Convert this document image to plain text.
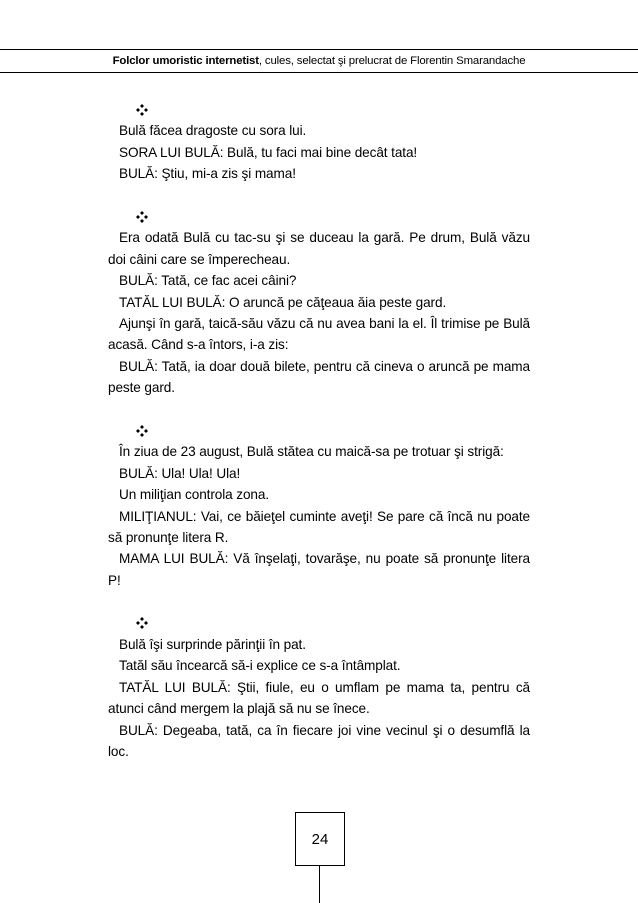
Folclor umoristic internetist, cules, selectat şi prelucrat de Florentin Smarandache

Bulă făcea dragoste cu sora lui.

SORA LUI BULĂ: Bulă, tu faci mai bine decât tata!

BULĂ: Ştiu, mi-a zis şi mama!

Era odată Bulă cu tac-su şi se duceau la gară. Pe drum, Bulă văzu doi câini care se împerecheau.

BULĂ: Tată, ce fac acei câini?

TATĂL LUI BULĂ: O aruncă pe căţeaua ăia peste gard.

Ajunşi în gară, taică-său văzu că nu avea bani la el. Îl trimise pe Bulă acasă. Când s-a întors, i-a zis:

BULĂ: Tată, ia doar două bilete, pentru că cineva o aruncă pe mama peste gard.

În ziua de 23 august, Bulă stătea cu maică-sa pe trotuar şi strigă:

BULĂ: Ula! Ula! Ula!

Un miliţian controla zona.

MILIŢIANUL: Vai, ce băieţel cuminte aveţi! Se pare că încă nu poate să pronunţe litera R.

MAMA LUI BULĂ: Vă înşelaţi, tovarăşe, nu poate să pronunţe litera P!

Bulă îşi surprinde părinţii în pat.

Tatăl său încearcă să-i explice ce s-a întâmplat.

TATĂL LUI BULĂ: Ştii, fiule, eu o umflam pe mama ta, pentru că atunci când mergem la plajă să nu se înece.

BULĂ: Degeaba, tată, ca în fiecare joi vine vecinul şi o desumflă la loc.

24
